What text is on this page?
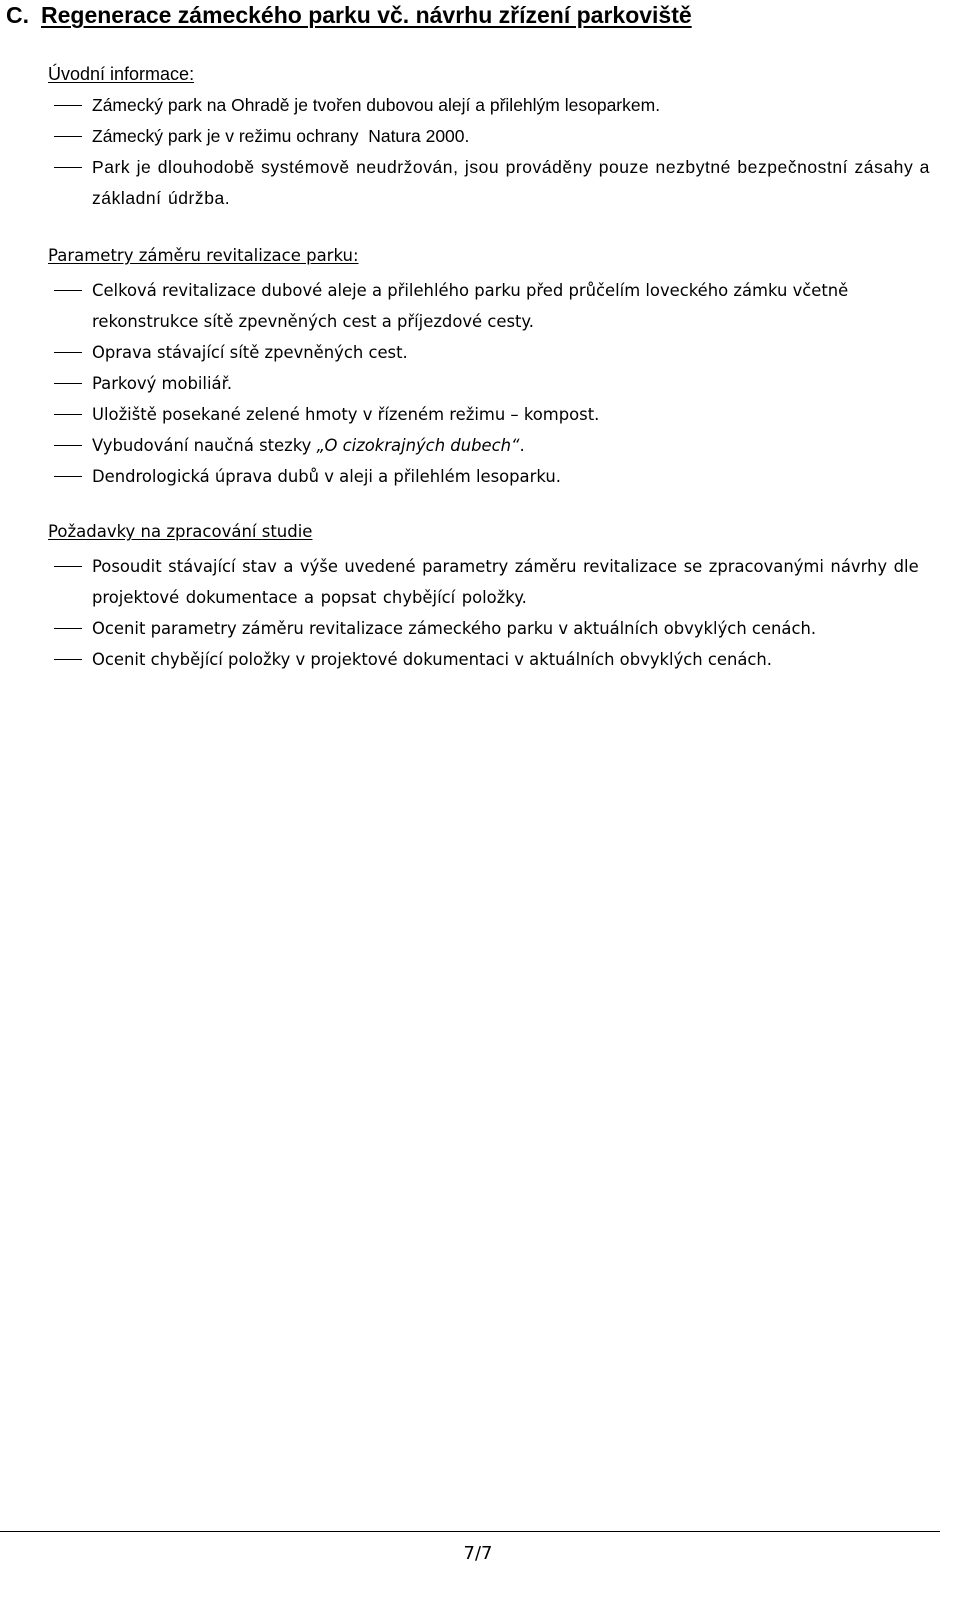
C. Regenerace zámeckého parku vč. návrhu zřízení parkoviště
Úvodní informace:
Zámecký park na Ohradě je tvořen dubovou alejí a přilehlým lesoparkem.
Zámecký park je v režimu ochrany  Natura 2000.
Park je dlouhodobě systémově neudržován, jsou prováděny pouze nezbytné bezpečnostní zásahy a základní údržba.
Parametry záměru revitalizace parku:
Celková revitalizace dubové aleje a přilehlého parku před průčelím loveckého zámku včetně rekonstrukce sítě zpevněných cest a příjezdové cesty.
Oprava stávající sítě zpevněných cest.
Parkový mobiliář.
Uložiště posekané zelené hmoty v řízeném režimu – kompost.
Vybudování naučná stezky „O cizokrajných dubech“.
Dendrologická úprava dubů v aleji a přilehlém lesoparku.
Požadavky na zpracování studie
Posoudit stávající stav a výše uvedené parametry záměru revitalizace se zpracovanými návrhy dle projektové dokumentace a popsat chybějící položky.
Ocenit parametry záměru revitalizace zámeckého parku v aktuálních obvyklých cenách.
Ocenit chybějící položky v projektové dokumentaci v aktuálních obvyklých cenách.
7/7
